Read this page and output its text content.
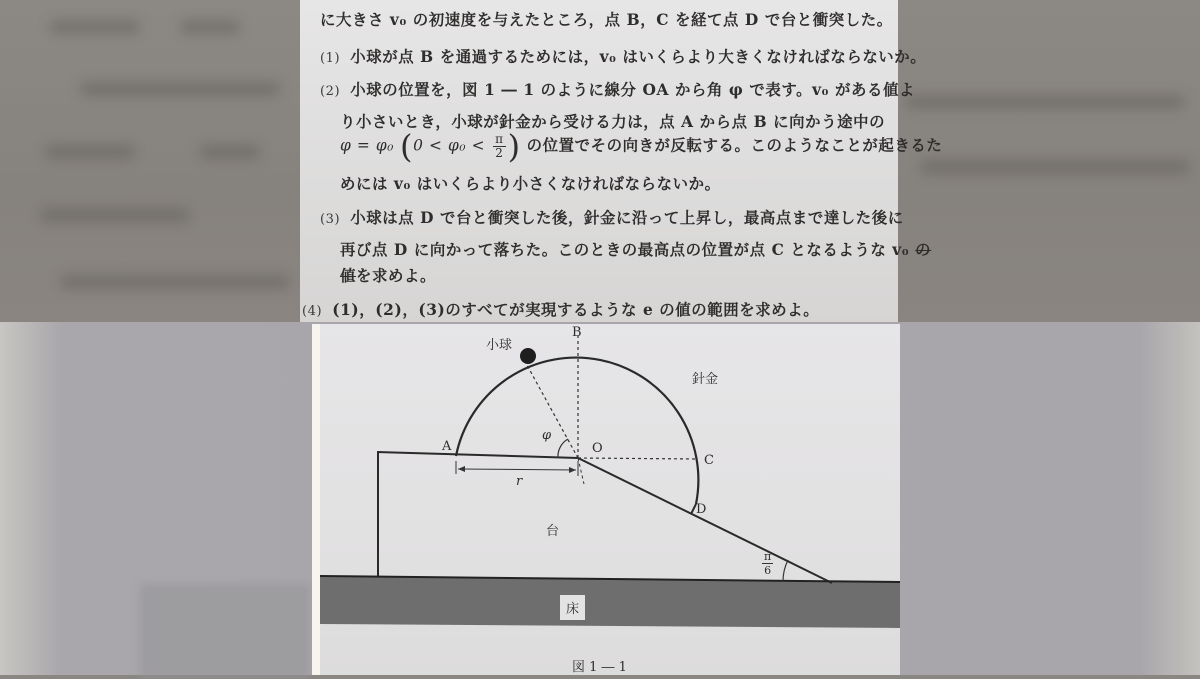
に大きさ v₀ の初速度を与えたところ，点 B，C を経て点 D で台と衝突した。
(1) 小球が点 B を通過するためには，v₀ はいくらより大きくなければならないか。
(2) 小球の位置を，図 1 ― 1 のように線分 OA から角 φ で表す。v₀ がある値よ
り小さいとき，小球が針金から受ける力は，点 A から点 B に向かう途中の
φ = φ₀ ($0 < \varphi_0 < \frac{\pi}{2}$ ) の位置でその向きが反転する。このようなことが起きるた
めには v₀ はいくらより小さくなければならないか。
(3) 小球は点 D で台と衝突した後，針金に沿って上昇し，最高点まで達した後に
再び点 D に向かって落ちた。このときの最高点の位置が点 C となるような v₀ の
値を求めよ。
(4) (1)，(2)，(3)のすべてが実現するような e の値の範囲を求めよ。
小球
B
針金
A	O
φ
C
D
r
台
$\frac{\pi}{6}$
床
図 1 ― 1
